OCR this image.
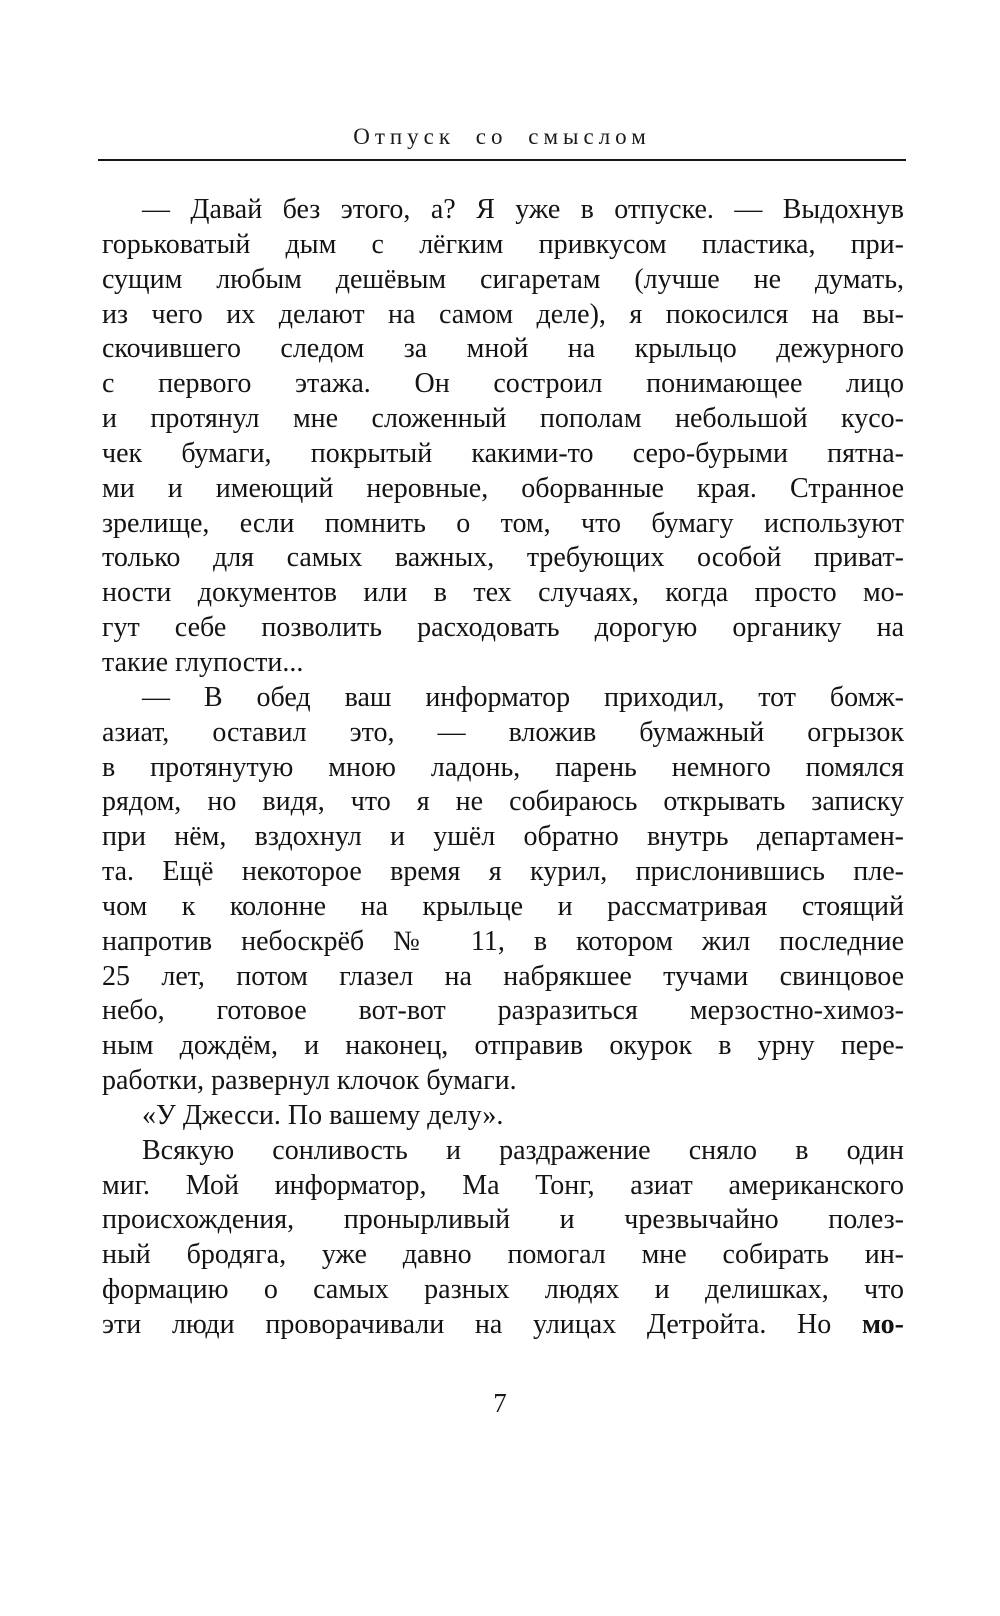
Отпуск со смыслом
— Давай без этого, а? Я уже в отпуске. — Выдохнув
горьковатый дым с лёгким привкусом пластика, при-
сущим любым дешёвым сигаретам (лучше не думать,
из чего их делают на самом деле), я покосился на вы-
скочившего следом за мной на крыльцо дежурного
с первого этажа. Он состроил понимающее лицо
и протянул мне сложенный пополам небольшой кусо-
чек бумаги, покрытый какими-то серо-бурыми пятна-
ми и имеющий неровные, оборванные края. Странное
зрелище, если помнить о том, что бумагу используют
только для самых важных, требующих особой приват-
ности документов или в тех случаях, когда просто мо-
гут себе позволить расходовать дорогую органику на
такие глупости...
— В обед ваш информатор приходил, тот бомж-
азиат, оставил это, — вложив бумажный огрызок
в протянутую мною ладонь, парень немного помялся
рядом, но видя, что я не собираюсь открывать записку
при нём, вздохнул и ушёл обратно внутрь департамен-
та. Ещё некоторое время я курил, прислонившись пле-
чом к колонне на крыльце и рассматривая стоящий
напротив небоскрёб № 11, в котором жил последние
25 лет, потом глазел на набрякшее тучами свинцовое
небо, готовое вот-вот разразиться мерзостно-химоз-
ным дождём, и наконец, отправив окурок в урну пере-
работки, развернул клочок бумаги.
«У Джесси. По вашему делу».
Всякую сонливость и раздражение сняло в один
миг. Мой информатор, Ма Тонг, азиат американского
происхождения, пронырливый и чрезвычайно полез-
ный бродяга, уже давно помогал мне собирать ин-
формацию о самых разных людях и делишках, что
эти люди проворачивали на улицах Детройта. Но мо-
7
